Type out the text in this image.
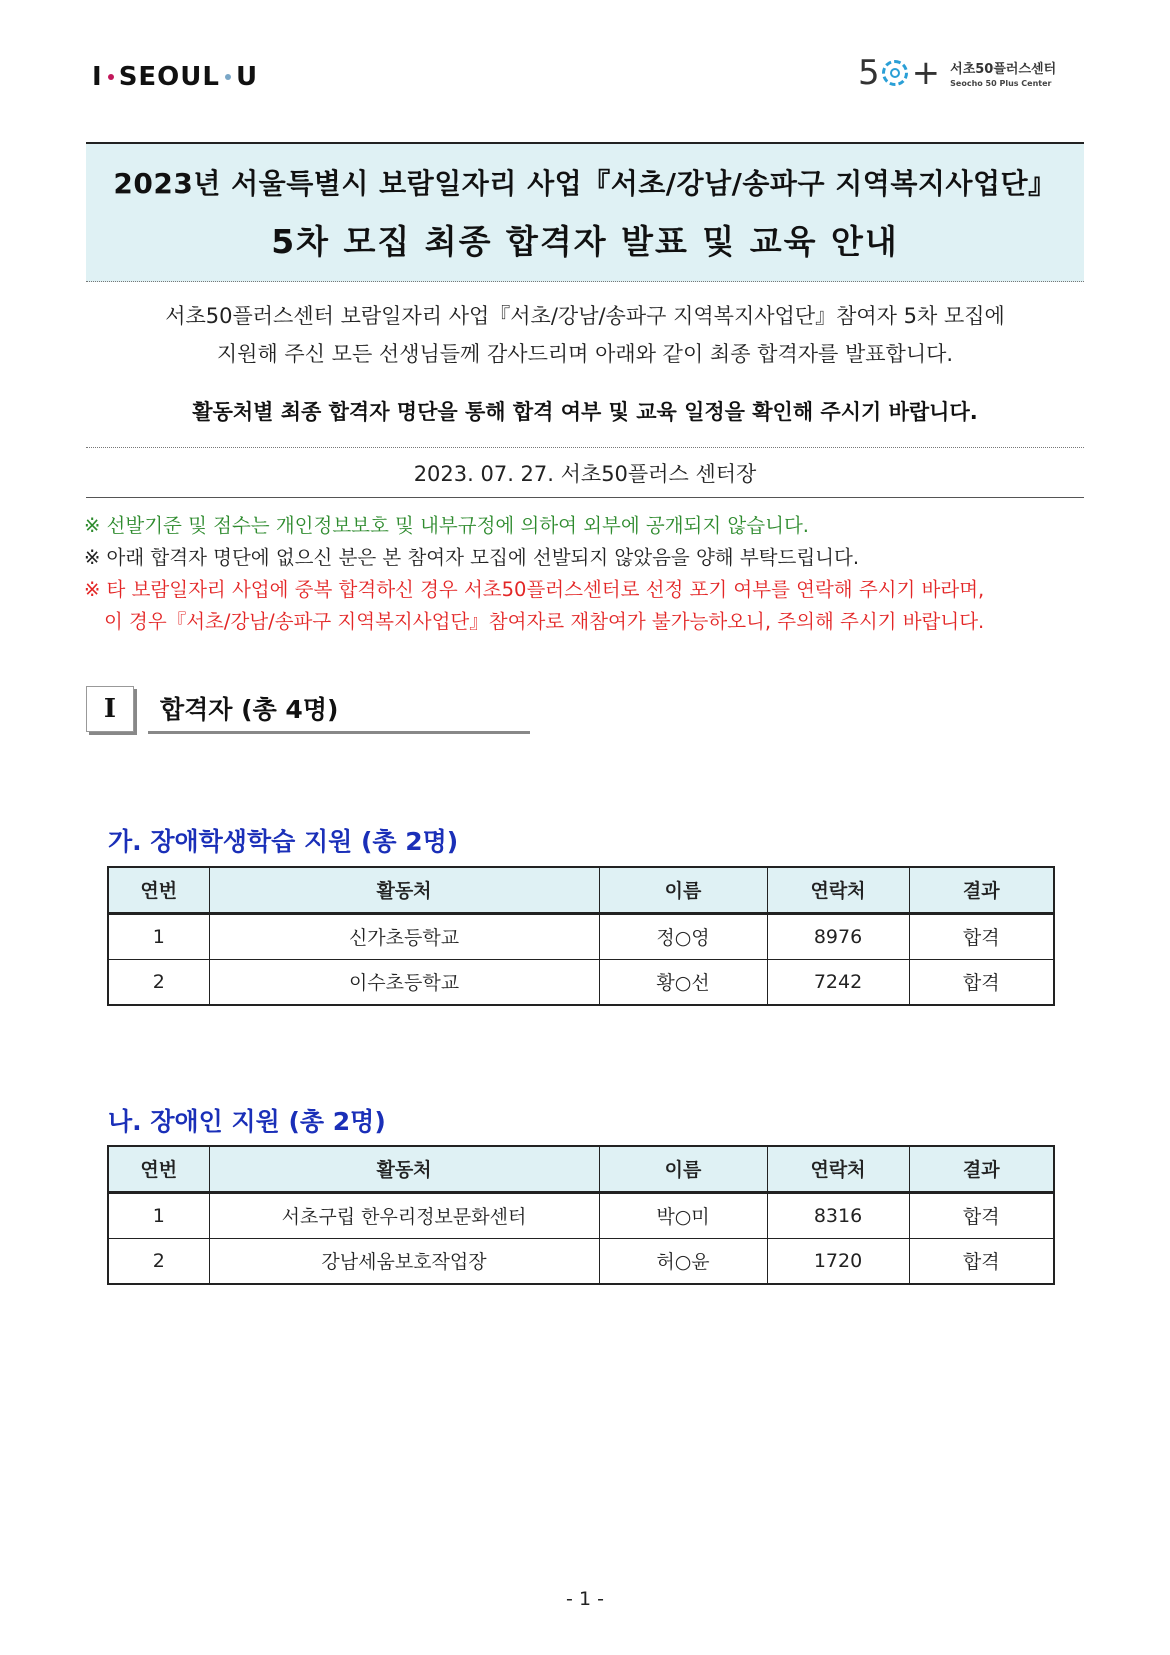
I SEOUL U	5 + 서초50플러스센터
Seocho 50 Plus Center
2023년 서울특별시 보람일자리 사업『서초/강남/송파구 지역복지사업단』
5차 모집 최종 합격자 발표 및 교육 안내
서초50플러스센터 보람일자리 사업『서초/강남/송파구 지역복지사업단』참여자 5차 모집에
지원해 주신 모든 선생님들께 감사드리며 아래와 같이 최종 합격자를 발표합니다.
활동처별 최종 합격자 명단을 통해 합격 여부 및 교육 일정을 확인해 주시기 바랍니다.
2023. 07. 27. 서초50플러스 센터장
※ 선발기준 및 점수는 개인정보보호 및 내부규정에 의하여 외부에 공개되지 않습니다.
※ 아래 합격자 명단에 없으신 분은 본 참여자 모집에 선발되지 않았음을 양해 부탁드립니다.
※ 타 보람일자리 사업에 중복 합격하신 경우 서초50플러스센터로 선정 포기 여부를 연락해 주시기 바라며,
이 경우『서초/강남/송파구 지역복지사업단』참여자로 재참여가 불가능하오니, 주의해 주시기 바랍니다.
I	합격자 (총 4명)
가. 장애학생학습 지원 (총 2명)
연번	활동처	이름	연락처	결과
1	신가초등학교	정○영	8976	합격
2	이수초등학교	황○선	7242	합격
나. 장애인 지원 (총 2명)
연번	활동처	이름	연락처	결과
1	서초구립 한우리정보문화센터	박○미	8316	합격
2	강남세움보호작업장	허○윤	1720	합격
- 1 -
